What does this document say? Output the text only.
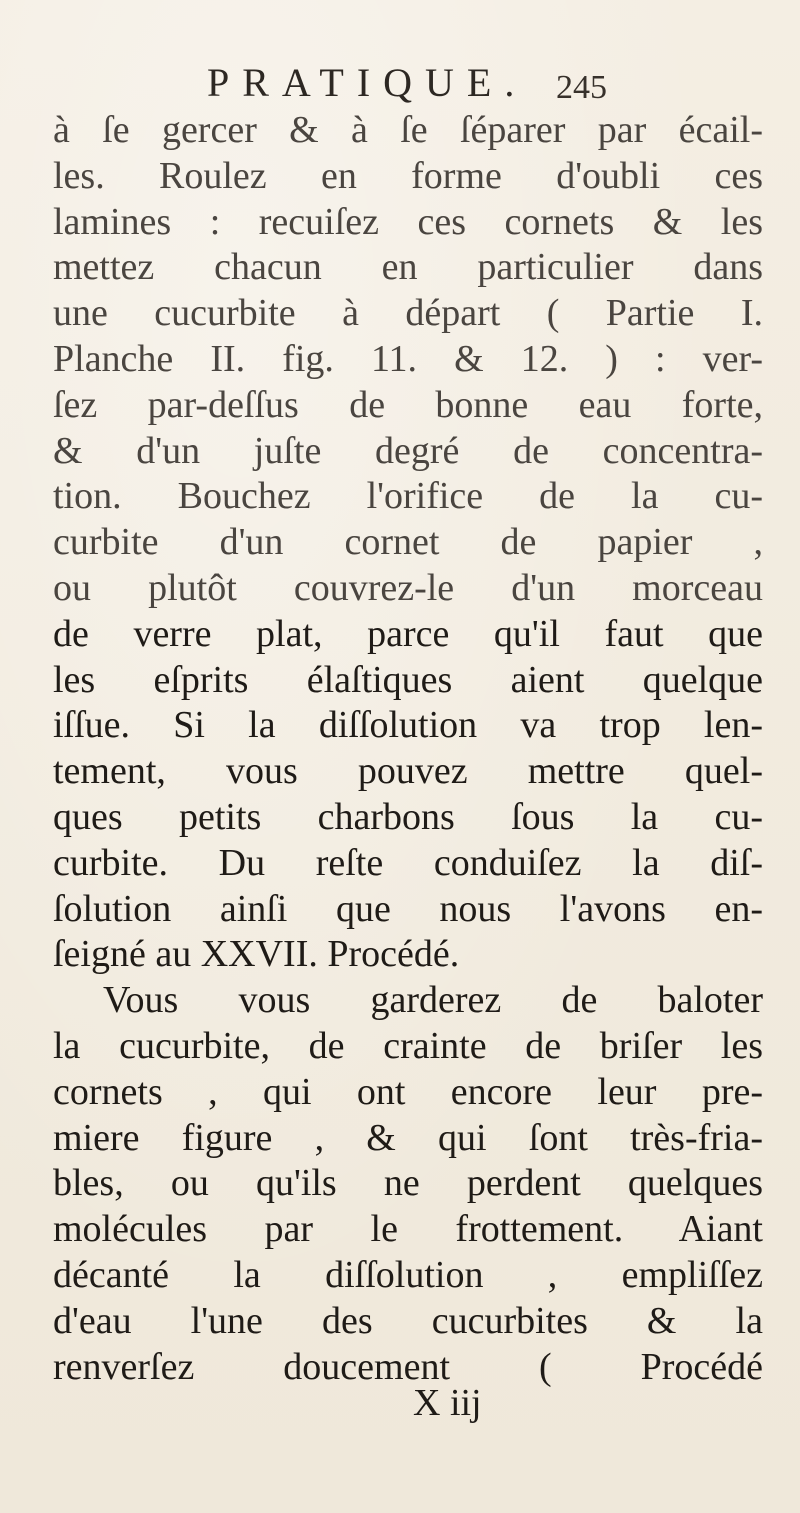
PRATIQUE. 245
à ſe gercer & à ſe ſéparer par écail-
les. Roulez en forme d'oubli ces
lamines : recuiſez ces cornets & les
mettez chacun en particulier dans
une cucurbite à départ ( Partie I.
Planche II. fig. 11. & 12. ) : ver-
ſez par-deſſus de bonne eau forte,
& d'un juſte degré de concentra-
tion. Bouchez l'orifice de la cu-
curbite d'un cornet de papier ,
ou plutôt couvrez-le d'un morceau
de verre plat, parce qu'il faut que
les eſprits élaſtiques aient quelque
iſſue. Si la diſſolution va trop len-
tement, vous pouvez mettre quel-
ques petits charbons ſous la cu-
curbite. Du reſte conduiſez la diſ-
ſolution ainſi que nous l'avons en-
ſeigné au XXVII. Procédé.
Vous vous garderez de baloter
la cucurbite, de crainte de briſer les
cornets , qui ont encore leur pre-
miere figure , & qui ſont très-fria-
bles, ou qu'ils ne perdent quelques
molécules par le frottement. Aiant
décanté la diſſolution , empliſſez
d'eau l'une des cucurbites & la
renverſez doucement ( Procédé
X iij
